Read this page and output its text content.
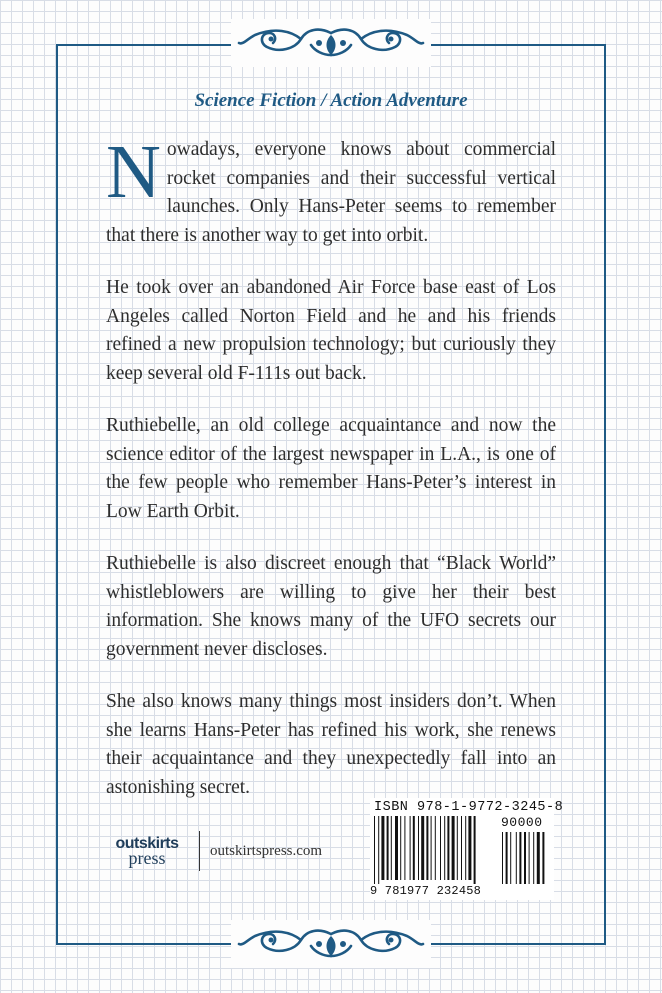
Science Fiction / Action Adventure

Nowadays, everyone knows about commercial rocket companies and their successful vertical launches. Only Hans-Peter seems to remember that there is another way to get into orbit.

He took over an abandoned Air Force base east of Los Angeles called Norton Field and he and his friends refined a new propulsion technology; but curiously they keep several old F-111s out back.

Ruthiebelle, an old college acquaintance and now the science editor of the largest newspaper in L.A., is one of the few people who remember Hans-Peter’s interest in Low Earth Orbit.

Ruthiebelle is also discreet enough that “Black World” whistleblowers are willing to give her their best information. She knows many of the UFO secrets our government never discloses.

She also knows many things most insiders don’t. When she learns Hans-Peter has refined his work, she renews their acquaintance and they unexpectedly fall into an astonishing secret.

outskirts
press	outskirtspress.com
ISBN 978-1-9772-3245-8
90000
9 781977 232458
